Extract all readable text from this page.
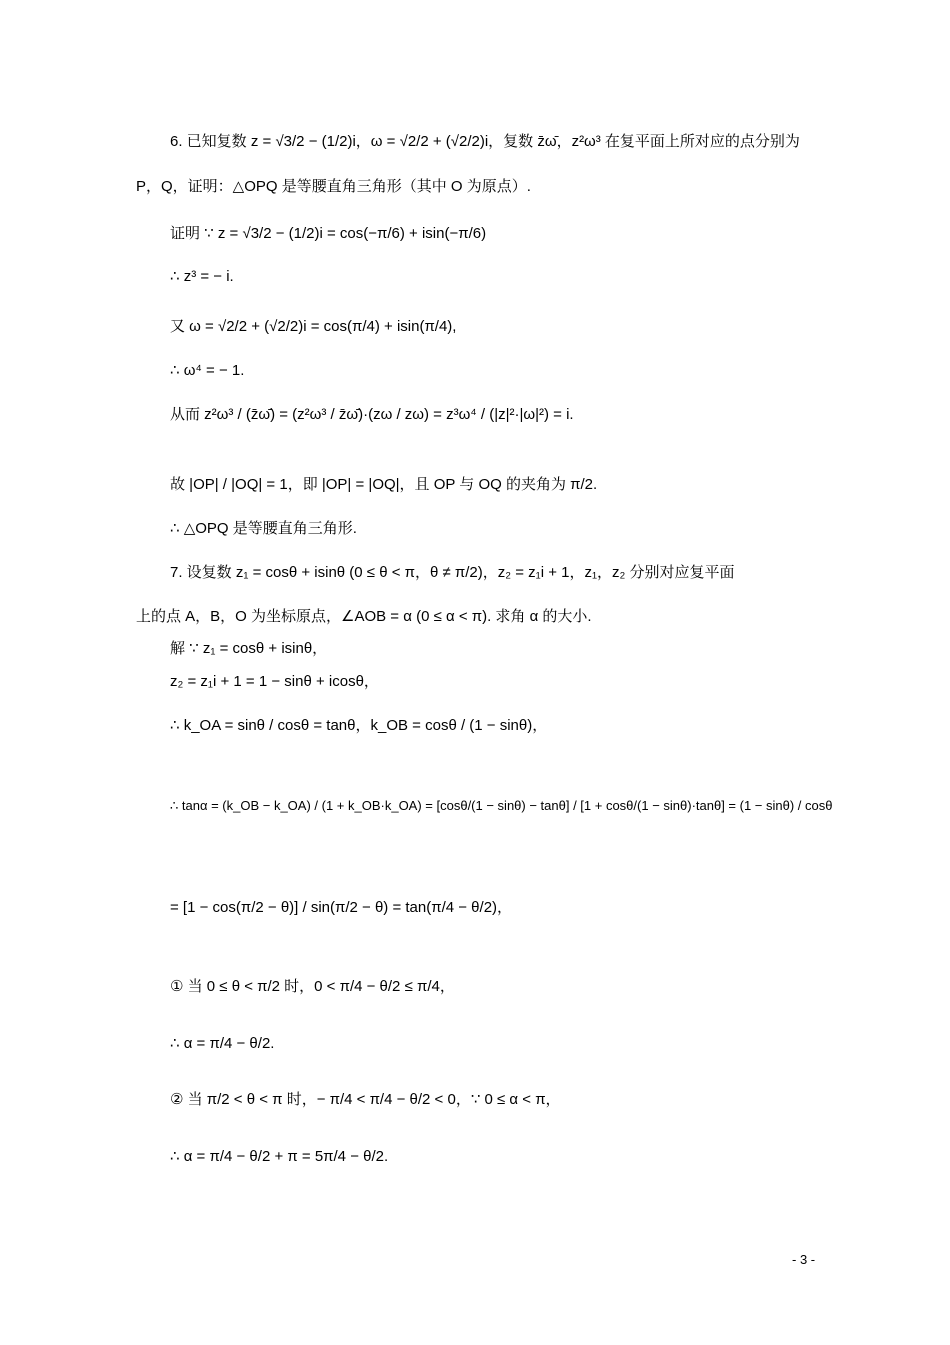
6. 已知复数 z = √3/2 − (1/2)i，ω = √2/2 + (√2/2)i，复数 z̄ω̄，z²ω³ 在复平面上所对应的点分别为
P，Q，证明：△OPQ 是等腰直角三角形（其中 O 为原点）.
证明 ∵ z = √3/2 − (1/2)i = cos(−π/6) + isin(−π/6)
∴ z³ = − i.
又 ω = √2/2 + (√2/2)i = cos(π/4) + isin(π/4),
∴ ω⁴ = − 1.
从而 z²ω³ / (z̄ω̄) = (z²ω³ / z̄ω̄)·(zω / zω) = z³ω⁴ / (|z|²·|ω|²) = i.
故 |OP| / |OQ| = 1，即 |OP| = |OQ|，且 OP 与 OQ 的夹角为 π/2.
∴ △OPQ 是等腰直角三角形.
7. 设复数 z₁ = cosθ + isinθ (0 ≤ θ < π，θ ≠ π/2)，z₂ = z₁i + 1，z₁，z₂ 分别对应复平面
上的点 A，B，O 为坐标原点，∠AOB = α (0 ≤ α < π). 求角 α 的大小.
解 ∵ z₁ = cosθ + isinθ，
z₂ = z₁i + 1 = 1 − sinθ + icosθ，
∴ k_OA = sinθ / cosθ = tanθ，k_OB = cosθ / (1 − sinθ)，
∴ tanα = (k_OB − k_OA) / (1 + k_OB·k_OA) = [cosθ/(1 − sinθ) − tanθ] / [1 + cosθ/(1 − sinθ)·tanθ] = (1 − sinθ) / cosθ
= [1 − cos(π/2 − θ)] / sin(π/2 − θ) = tan(π/4 − θ/2)，
① 当 0 ≤ θ < π/2 时，0 < π/4 − θ/2 ≤ π/4，
∴ α = π/4 − θ/2.
② 当 π/2 < θ < π 时，− π/4 < π/4 − θ/2 < 0，∵ 0 ≤ α < π，
∴ α = π/4 − θ/2 + π = 5π/4 − θ/2.
- 3 -
